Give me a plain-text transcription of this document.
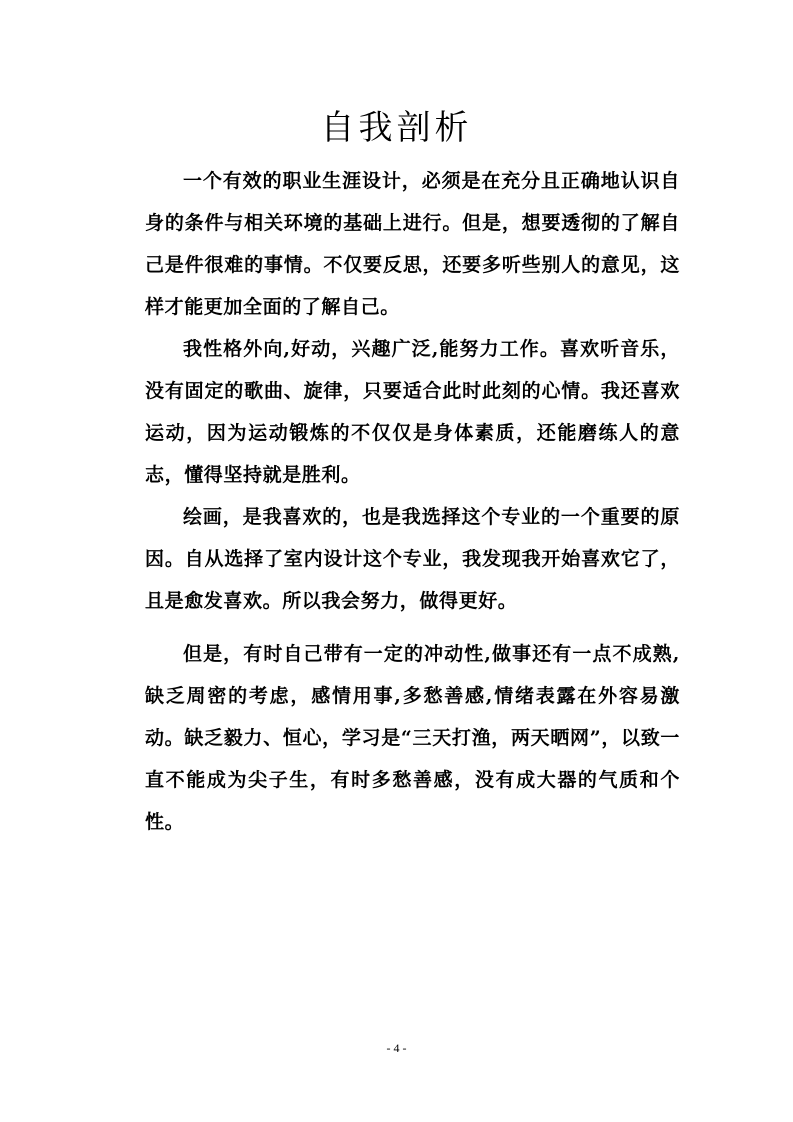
自我剖析

一个有效的职业生涯设计，必须是在充分且正确地认识自身的条件与相关环境的基础上进行。但是，想要透彻的了解自己是件很难的事情。不仅要反思，还要多听些别人的意见，这样才能更加全面的了解自己。

我性格外向,好动，兴趣广泛,能努力工作。喜欢听音乐，没有固定的歌曲、旋律，只要适合此时此刻的心情。我还喜欢运动，因为运动锻炼的不仅仅是身体素质，还能磨练人的意志，懂得坚持就是胜利。

绘画，是我喜欢的，也是我选择这个专业的一个重要的原因。自从选择了室内设计这个专业，我发现我开始喜欢它了，且是愈发喜欢。所以我会努力，做得更好。

但是，有时自己带有一定的冲动性,做事还有一点不成熟,缺乏周密的考虑，感情用事,多愁善感,情绪表露在外容易激动。缺乏毅力、恒心，学习是“三天打渔，两天晒网”，以致一直不能成为尖子生，有时多愁善感，没有成大器的气质和个性。

- 4 -
